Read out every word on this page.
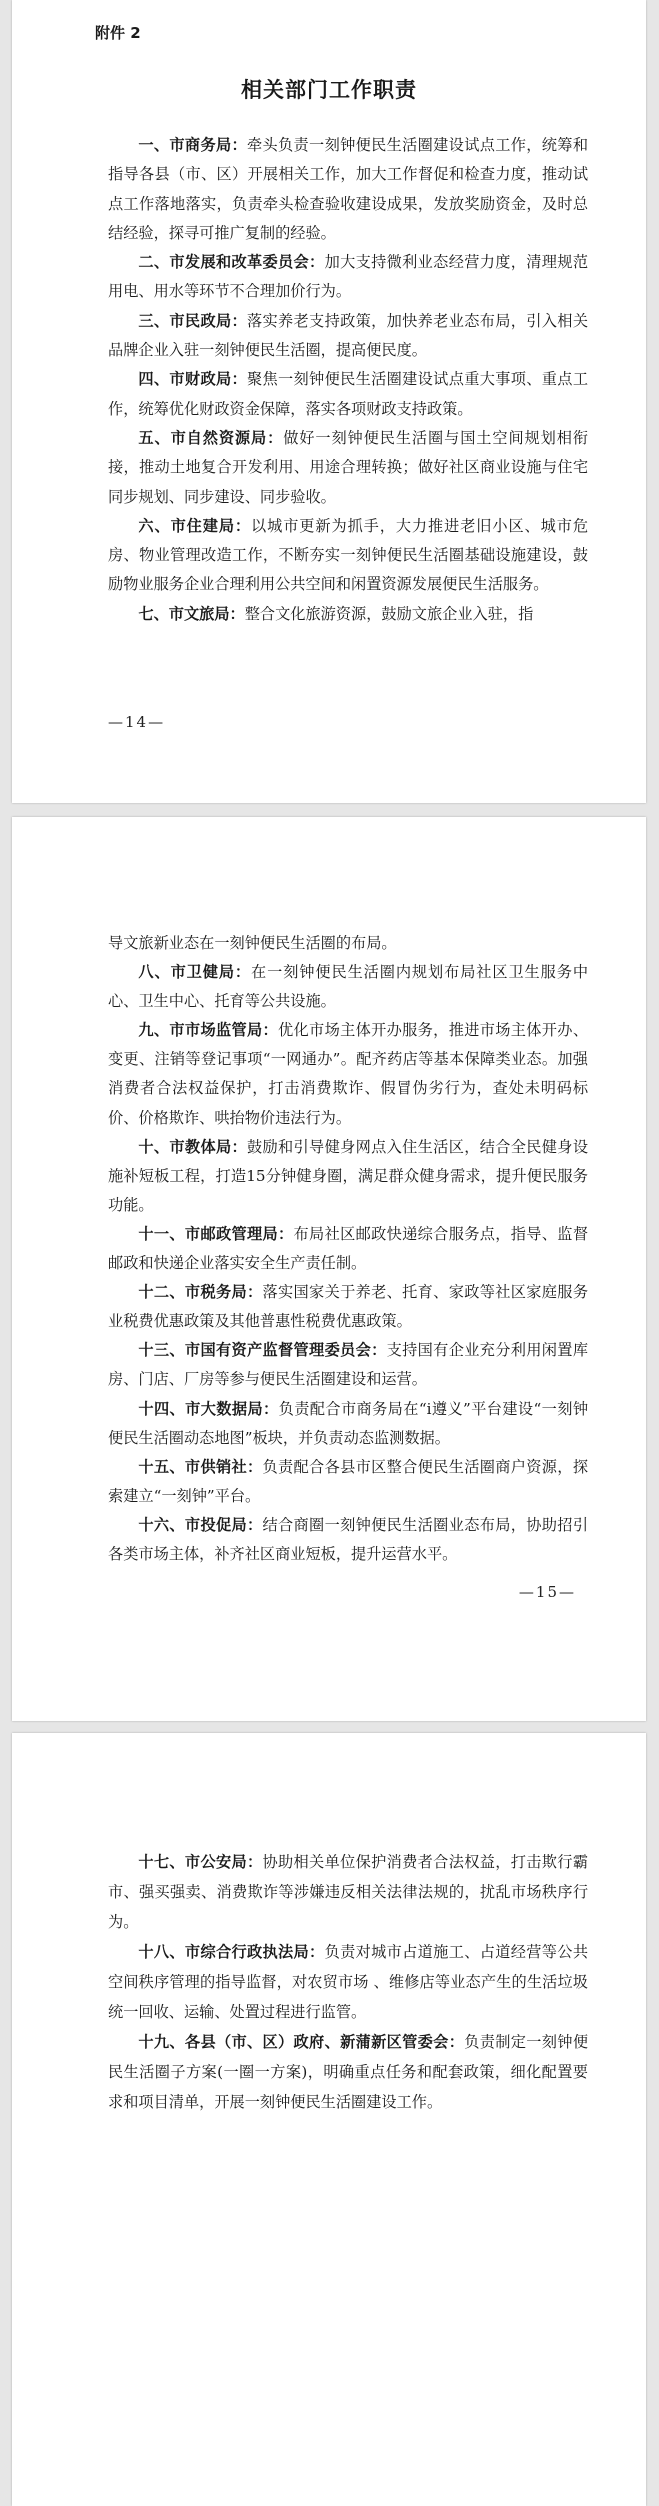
附件 2
相关部门工作职责

一、市商务局：牵头负责一刻钟便民生活圈建设试点工作，统筹和指导各县（市、区）开展相关工作，加大工作督促和检查力度，推动试点工作落地落实，负责牵头检查验收建设成果，发放奖励资金，及时总结经验，探寻可推广复制的经验。

二、市发展和改革委员会：加大支持微利业态经营力度，清理规范用电、用水等环节不合理加价行为。

三、市民政局：落实养老支持政策，加快养老业态布局，引入相关品牌企业入驻一刻钟便民生活圈，提高便民度。

四、市财政局：聚焦一刻钟便民生活圈建设试点重大事项、重点工作，统筹优化财政资金保障，落实各项财政支持政策。

五、市自然资源局：做好一刻钟便民生活圈与国土空间规划相衔接，推动土地复合开发利用、用途合理转换；做好社区商业设施与住宅同步规划、同步建设、同步验收。

六、市住建局：以城市更新为抓手，大力推进老旧小区、城市危房、物业管理改造工作，不断夯实一刻钟便民生活圈基础设施建设，鼓励物业服务企业合理利用公共空间和闲置资源发展便民生活服务。

七、市文旅局：整合文化旅游资源，鼓励文旅企业入驻，指

—14—

导文旅新业态在一刻钟便民生活圈的布局。

八、市卫健局：在一刻钟便民生活圈内规划布局社区卫生服务中心、卫生中心、托育等公共设施。

九、市市场监管局：优化市场主体开办服务，推进市场主体开办、变更、注销等登记事项“一网通办”。配齐药店等基本保障类业态。加强消费者合法权益保护，打击消费欺诈、假冒伪劣行为，查处未明码标价、价格欺诈、哄抬物价违法行为。

十、市教体局：鼓励和引导健身网点入住生活区，结合全民健身设施补短板工程，打造15分钟健身圈，满足群众健身需求，提升便民服务功能。

十一、市邮政管理局：布局社区邮政快递综合服务点，指导、监督邮政和快递企业落实安全生产责任制。

十二、市税务局：落实国家关于养老、托育、家政等社区家庭服务业税费优惠政策及其他普惠性税费优惠政策。

十三、市国有资产监督管理委员会：支持国有企业充分利用闲置库房、门店、厂房等参与便民生活圈建设和运营。

十四、市大数据局：负责配合市商务局在“i遵义”平台建设“一刻钟便民生活圈动态地图”板块，并负责动态监测数据。

十五、市供销社：负责配合各县市区整合便民生活圈商户资源，探索建立“一刻钟”平台。

十六、市投促局：结合商圈一刻钟便民生活圈业态布局，协助招引各类市场主体，补齐社区商业短板，提升运营水平。

—15—

十七、市公安局：协助相关单位保护消费者合法权益，打击欺行霸市、强买强卖、消费欺诈等涉嫌违反相关法律法规的，扰乱市场秩序行为。

十八、市综合行政执法局：负责对城市占道施工、占道经营等公共空间秩序管理的指导监督，对农贸市场 、维修店等业态产生的生活垃圾统一回收、运输、处置过程进行监管。

十九、各县（市、区）政府、新蒲新区管委会：负责制定一刻钟便民生活圈子方案(一圈一方案)，明确重点任务和配套政策，细化配置要求和项目清单，开展一刻钟便民生活圈建设工作。
